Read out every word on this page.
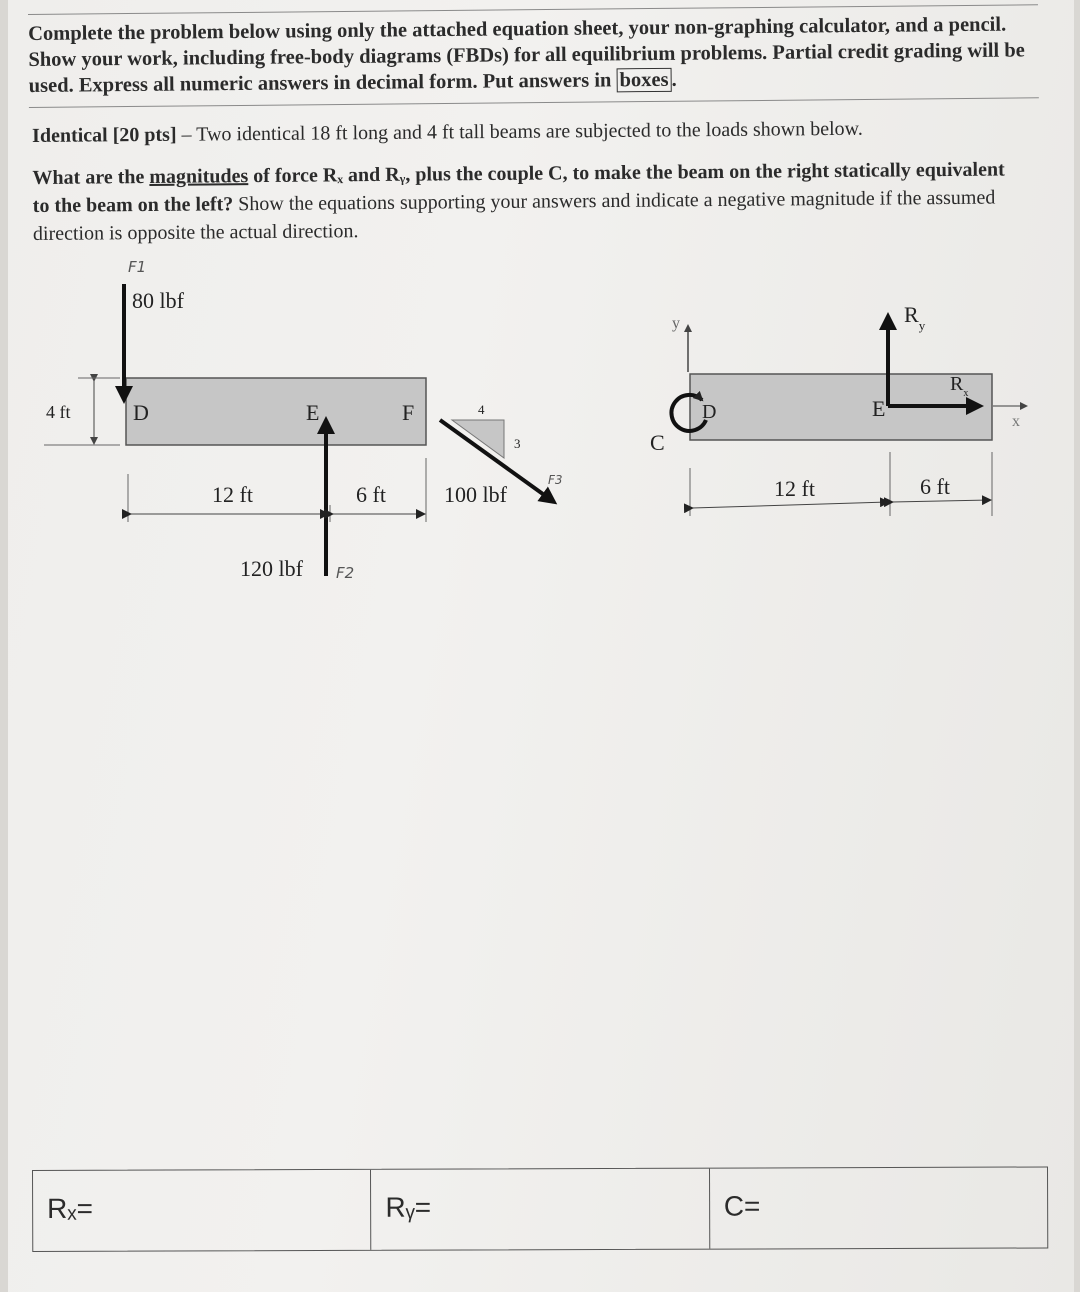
Complete the problem below using only the attached equation sheet, your non-graphing calculator, and a pencil. Show your work, including free-body diagrams (FBDs) for all equilibrium problems. Partial credit grading will be used. Express all numeric answers in decimal form. Put answers in boxes .

Identical [20 pts] – Two identical 18 ft long and 4 ft tall beams are subjected to the loads shown below.

What are the magnitudes of force Rₓ and Rᵧ, plus the couple C, to make the beam on the right statically equivalent to the beam on the left? Show the equations supporting your answers and indicate a negative magnitude if the assumed direction is opposite the actual direction.

80 lbf
F1
4 ft	D	E	F
120 lbf F2
12 ft	6 ft
4
3
100 lbf
F3
y
x
C
D	E
$R_y$
$R_x$
12 ft	6 ft
Rₓ=	Rᵧ=	C=
